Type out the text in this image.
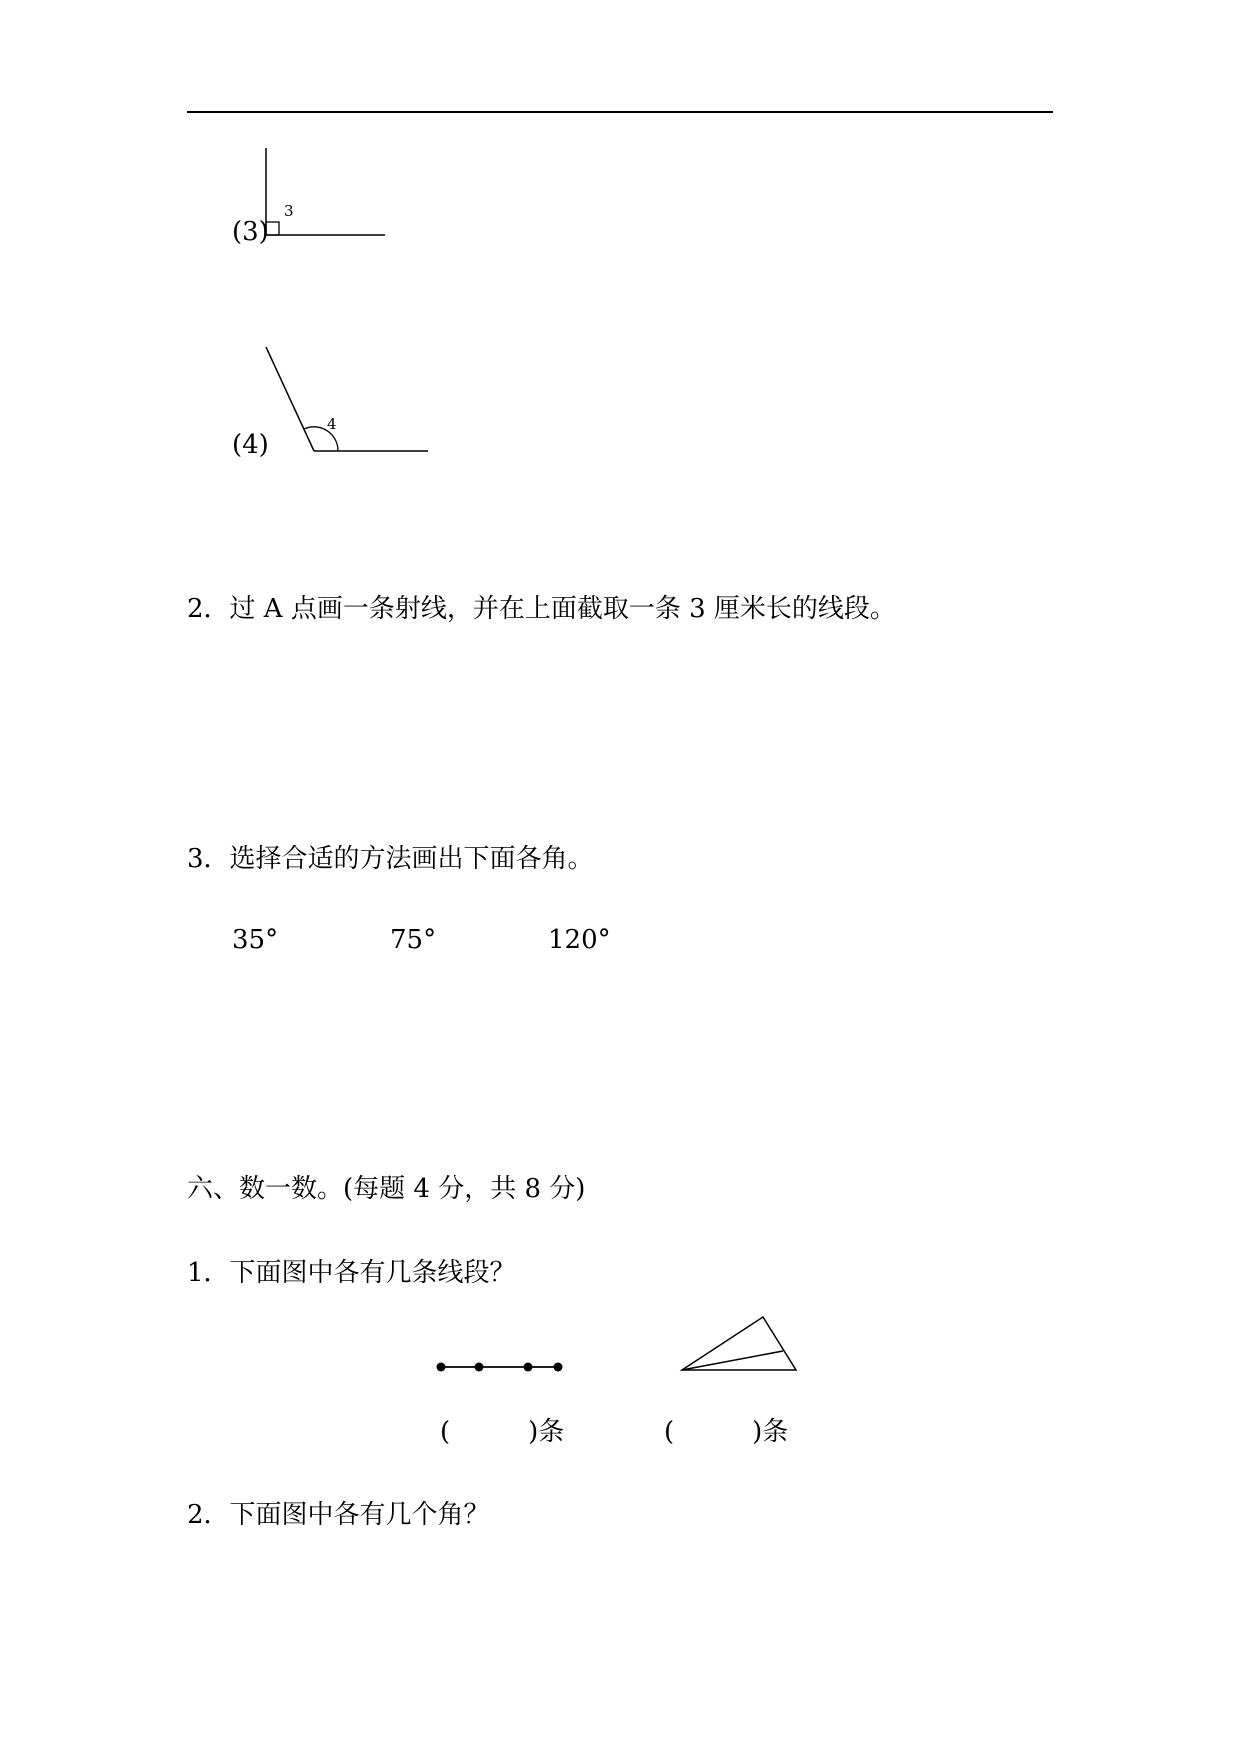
(3)
3
(4)
4
2．过 A 点画一条射线，并在上面截取一条 3 厘米长的线段。
3．选择合适的方法画出下面各角。
35°	75°	120°
六、数一数。(每题 4 分，共 8 分)
1．下面图中各有几条线段？
(　　　)条	(　　　)条
2．下面图中各有几个角？
